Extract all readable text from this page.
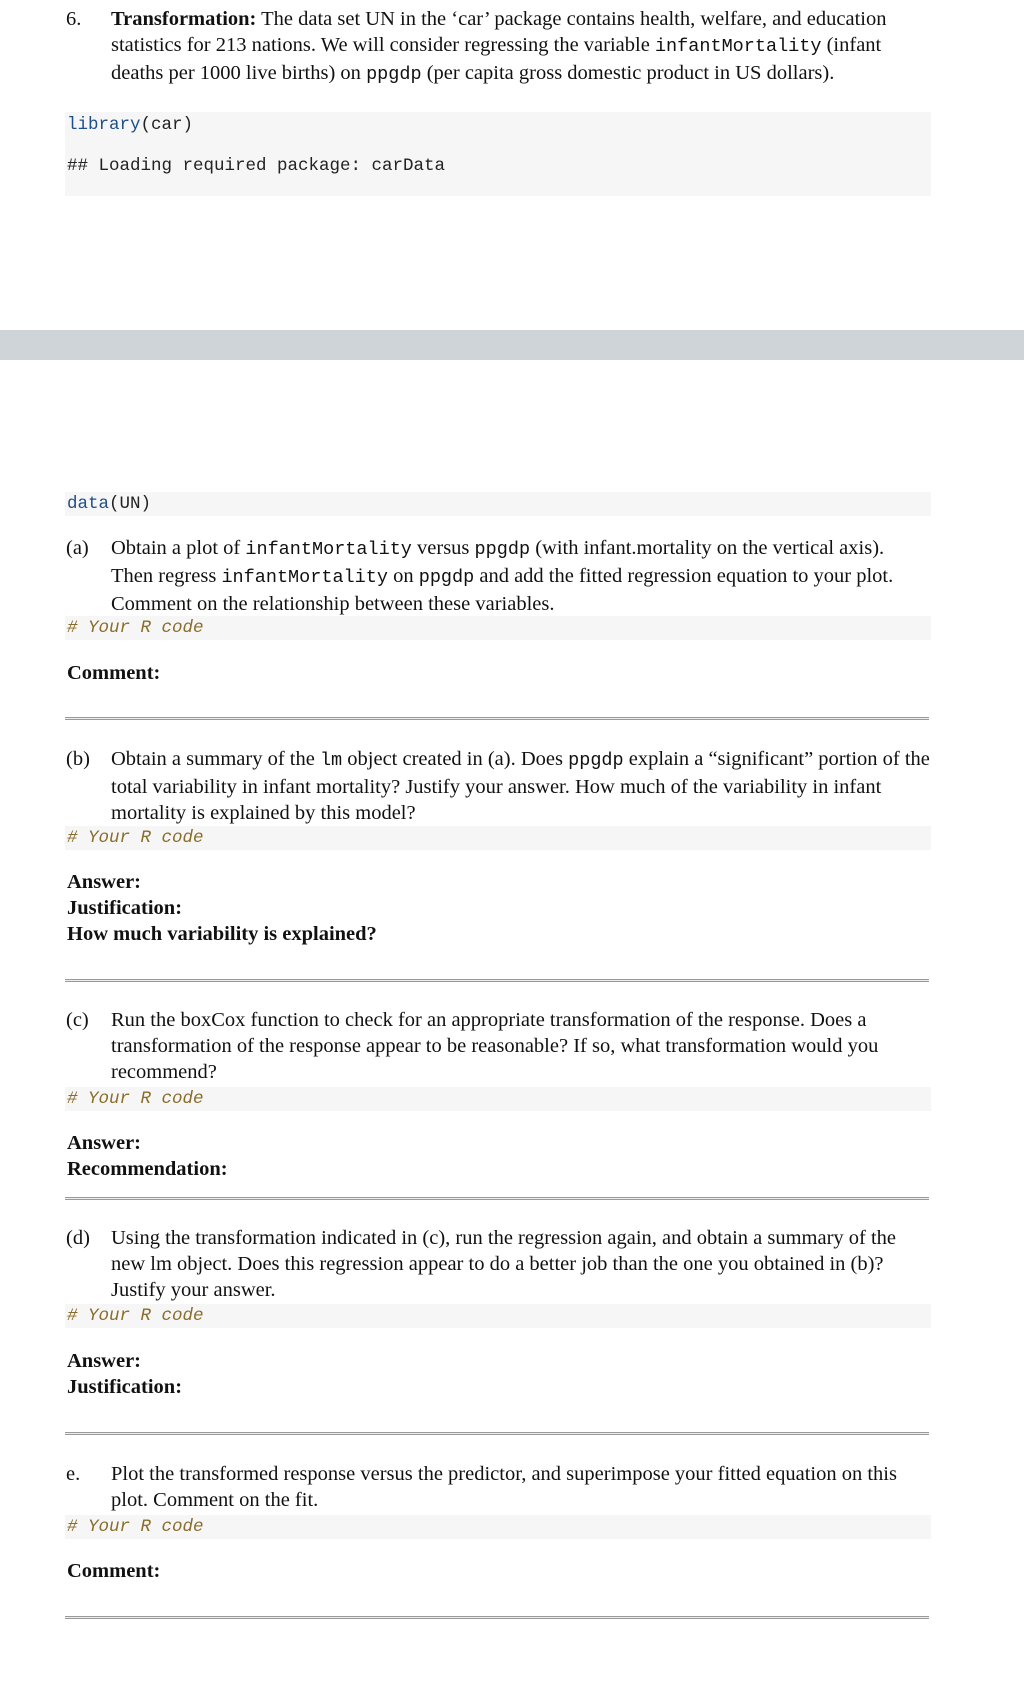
6. Transformation: The data set UN in the ‘car’ package contains health, welfare, and education statistics for 213 nations. We will consider regressing the variable infantMortality (infant deaths per 1000 live births) on ppgdp (per capita gross domestic product in US dollars).
library(car)
## Loading required package: carData
data(UN)
(a) Obtain a plot of infantMortality versus ppgdp (with infant.mortality on the vertical axis). Then regress infantMortality on ppgdp and add the fitted regression equation to your plot. Comment on the relationship between these variables.
# Your R code
Comment:
(b) Obtain a summary of the lm object created in (a). Does ppgdp explain a “significant” portion of the total variability in infant mortality? Justify your answer. How much of the variability in infant mortality is explained by this model?
# Your R code
Answer:
Justification:
How much variability is explained?
(c) Run the boxCox function to check for an appropriate transformation of the response. Does a transformation of the response appear to be reasonable? If so, what transformation would you recommend?
# Your R code
Answer:
Recommendation:
(d) Using the transformation indicated in (c), run the regression again, and obtain a summary of the new lm object. Does this regression appear to do a better job than the one you obtained in (b)? Justify your answer.
# Your R code
Answer:
Justification:
e. Plot the transformed response versus the predictor, and superimpose your fitted equation on this plot. Comment on the fit.
# Your R code
Comment:
